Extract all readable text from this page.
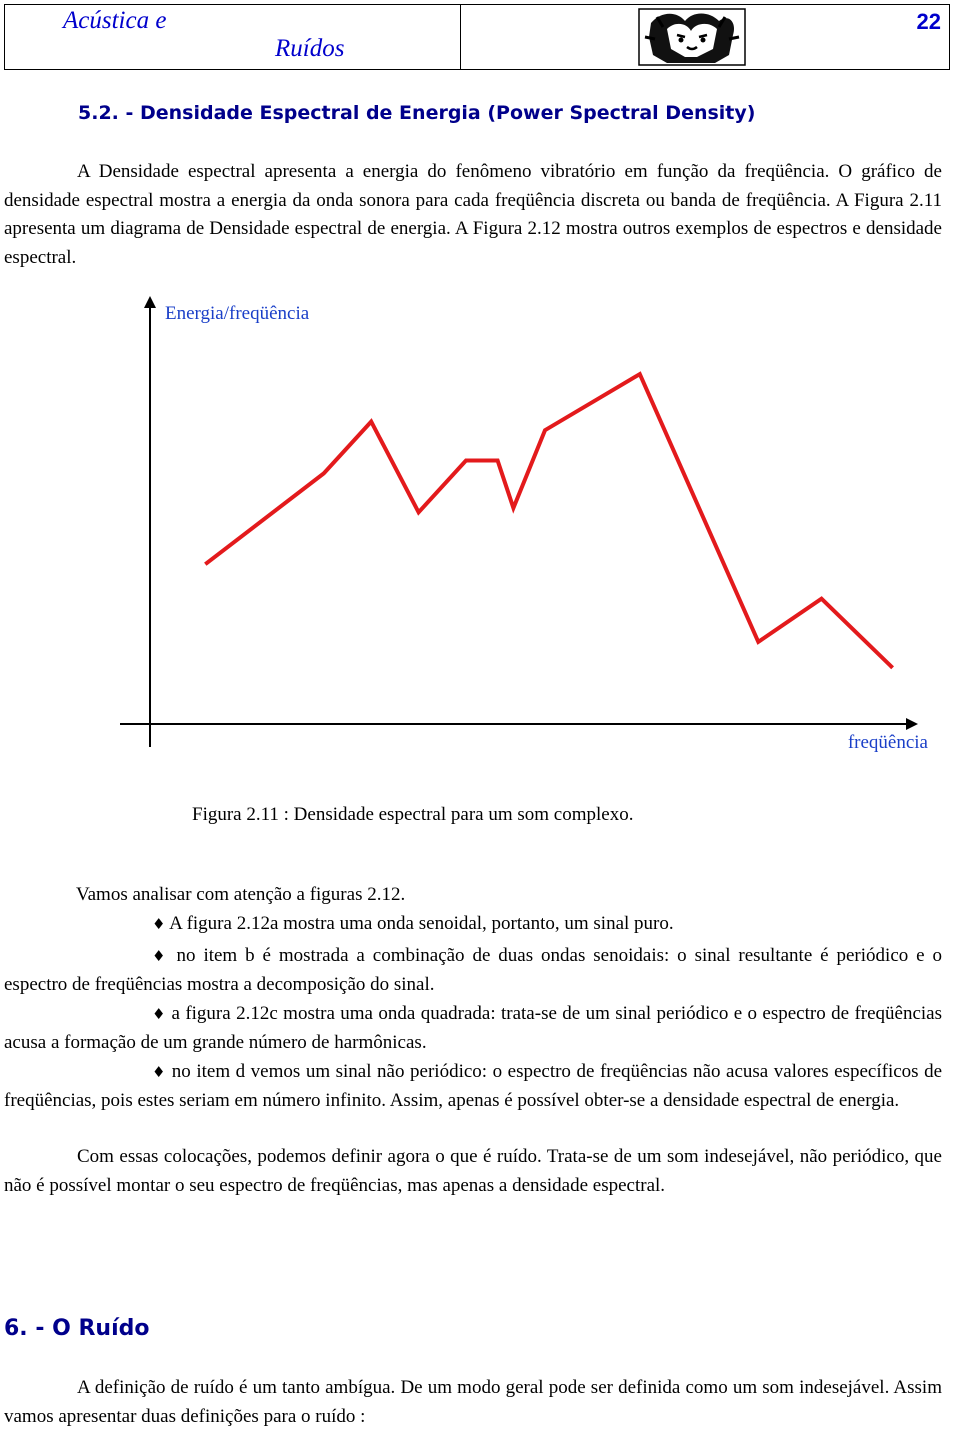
Acústica e
Ruídos
22
5.2. - Densidade Espectral de Energia (Power Spectral Density)
A Densidade espectral apresenta a energia do fenômeno vibratório em função da freqüência. O gráfico de densidade espectral mostra a energia da onda sonora para cada freqüência discreta ou banda de freqüência. A Figura 2.11 apresenta um diagrama de Densidade espectral de energia. A Figura 2.12 mostra outros exemplos de espectros e densidade espectral.
Energia/freqüência
freqüência
Figura 2.11 : Densidade espectral para um som complexo.
Vamos analisar com atenção a figuras 2.12.
♦ A figura 2.12a mostra uma onda senoidal, portanto, um sinal puro.
♦ no item b é mostrada a combinação de duas ondas senoidais: o sinal resultante é periódico e o espectro de freqüências mostra a decomposição do sinal.
♦ a figura 2.12c mostra uma onda quadrada: trata-se de um sinal periódico e o espectro de freqüências acusa a formação de um grande número de harmônicas.
♦ no item d vemos um sinal não periódico: o espectro de freqüências não acusa valores específicos de freqüências, pois estes seriam em número infinito. Assim, apenas é possível obter-se a densidade espectral de energia.
Com essas colocações, podemos definir agora o que é ruído. Trata-se de um som indesejável, não periódico, que não é possível montar o seu espectro de freqüências, mas apenas a densidade espectral.
6. - O Ruído
A definição de ruído é um tanto ambígua. De um modo geral pode ser definida como um som indesejável. Assim vamos apresentar duas definições para o ruído :
